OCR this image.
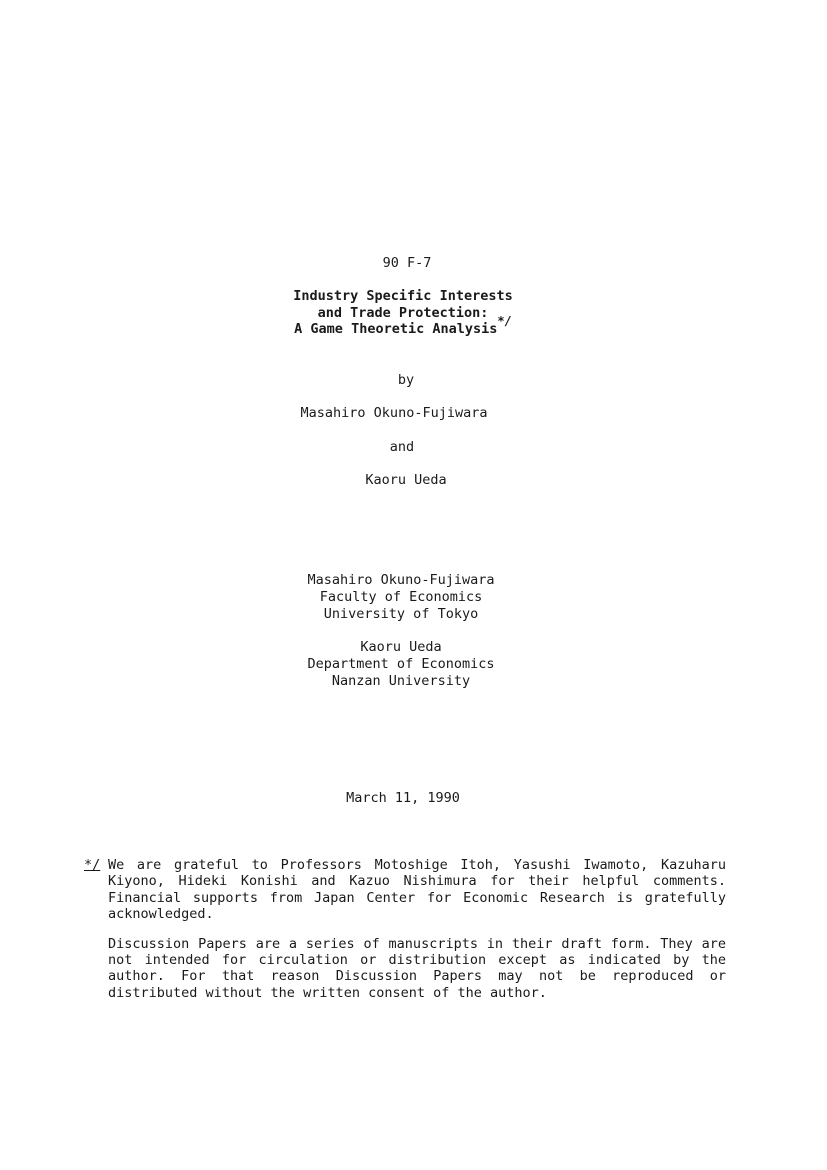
90 F-7
Industry Specific Interests
and Trade Protection:
A Game Theoretic Analysis*/
by
Masahiro Okuno-Fujiwara
and
Kaoru Ueda
Masahiro Okuno-Fujiwara
Faculty of Economics
University of Tokyo
Kaoru Ueda
Department of Economics
Nanzan University
March 11, 1990
*/ We are grateful to Professors Motoshige Itoh, Yasushi Iwamoto, Kazuharu Kiyono, Hideki Konishi and Kazuo Nishimura for their helpful comments. Financial supports from Japan Center for Economic Research is gratefully acknowledged.
Discussion Papers are a series of manuscripts in their draft form. They are not intended for circulation or distribution except as indicated by the author. For that reason Discussion Papers may not be reproduced or distributed without the written consent of the author.
